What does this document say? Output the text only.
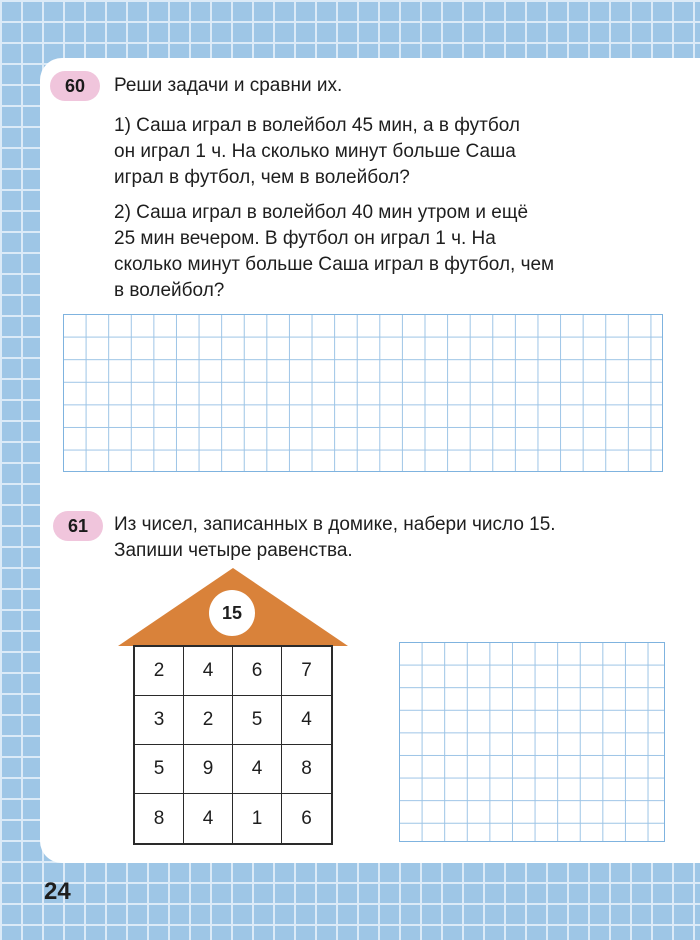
60 Реши задачи и сравни их.
1) Саша играл в волейбол 45 мин, а в футбол
он играл 1 ч. На сколько минут больше Саша
играл в футбол, чем в волейбол?
2) Саша играл в волейбол 40 мин утром и ещё
25 мин вечером. В футбол он играл 1 ч. На
сколько минут больше Саша играл в футбол, чем
в волейбол?
61 Из чисел, записанных в домике, набери число 15.
Запиши четыре равенства.
15
2	4	6	7
3	2	5	4
5	9	4	8
8	4	1	6
24
